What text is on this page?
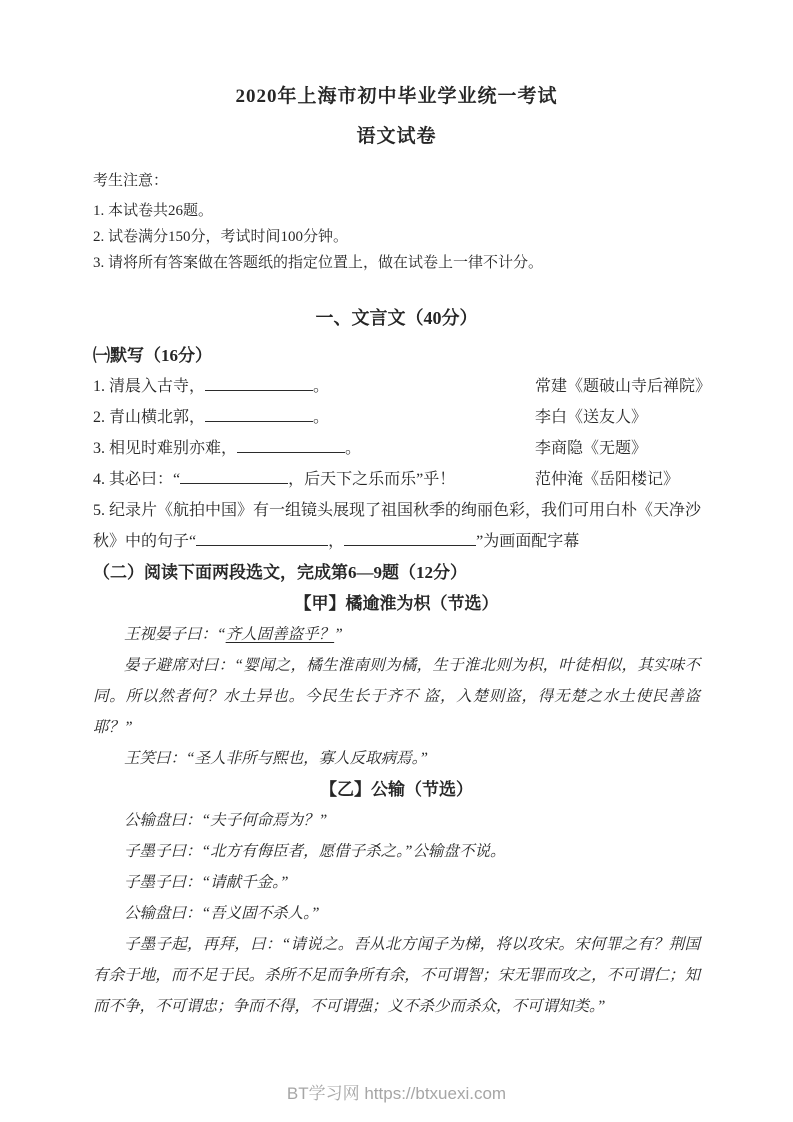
2020年上海市初中毕业学业统一考试
语文试卷
考生注意：
1. 本试卷共26题。
2. 试卷满分150分，考试时间100分钟。
3. 请将所有答案做在答题纸的指定位置上，做在试卷上一律不计分。
一、文言文（40分）
㈠默写（16分）
1. 清晨入古寺，	。	常建《题破山寺后禅院》
2. 青山横北郭，	。	李白《送友人》
3. 相见时难别亦难，	。	李商隐《无题》
4. 其必曰：“	，后天下之乐而乐”乎！	范仲淹《岳阳楼记》
5. 纪录片《航拍中国》有一组镜头展现了祖国秋季的绚丽色彩，我们可用白朴《天净沙
秋》中的句子“	，	”为画面配字幕
（二）阅读下面两段选文，完成第6—9题（12分）
【甲】橘逾淮为枳（节选）

王视晏子曰：“齐人固善盗乎？”

晏子避席对曰：“婴闻之，橘生淮南则为橘，生于淮北则为枳，叶徒相似，其实味不同。所以然者何？水土异也。今民生长于齐不 盗，入楚则盗，得无楚之水土使民善盗耶？”

王笑曰：“圣人非所与熙也，寡人反取病焉。”

【乙】公输（节选）

公输盘曰：“夫子何命焉为？”

子墨子曰：“北方有侮臣者，愿借子杀之。”公输盘不说。

子墨子曰：“请献千金。”

公输盘曰：“吾义固不杀人。”

子墨子起，再拜，曰：“请说之。吾从北方闻子为梯，将以攻宋。宋何罪之有？荆国有余于地，而不足于民。杀所不足而争所有余，不可谓智；宋无罪而攻之，不可谓仁；知而不争，不可谓忠；争而不得，不可谓强；义不杀少而杀众，不可谓知类。”

BT学习网 https://btxuexi.com
